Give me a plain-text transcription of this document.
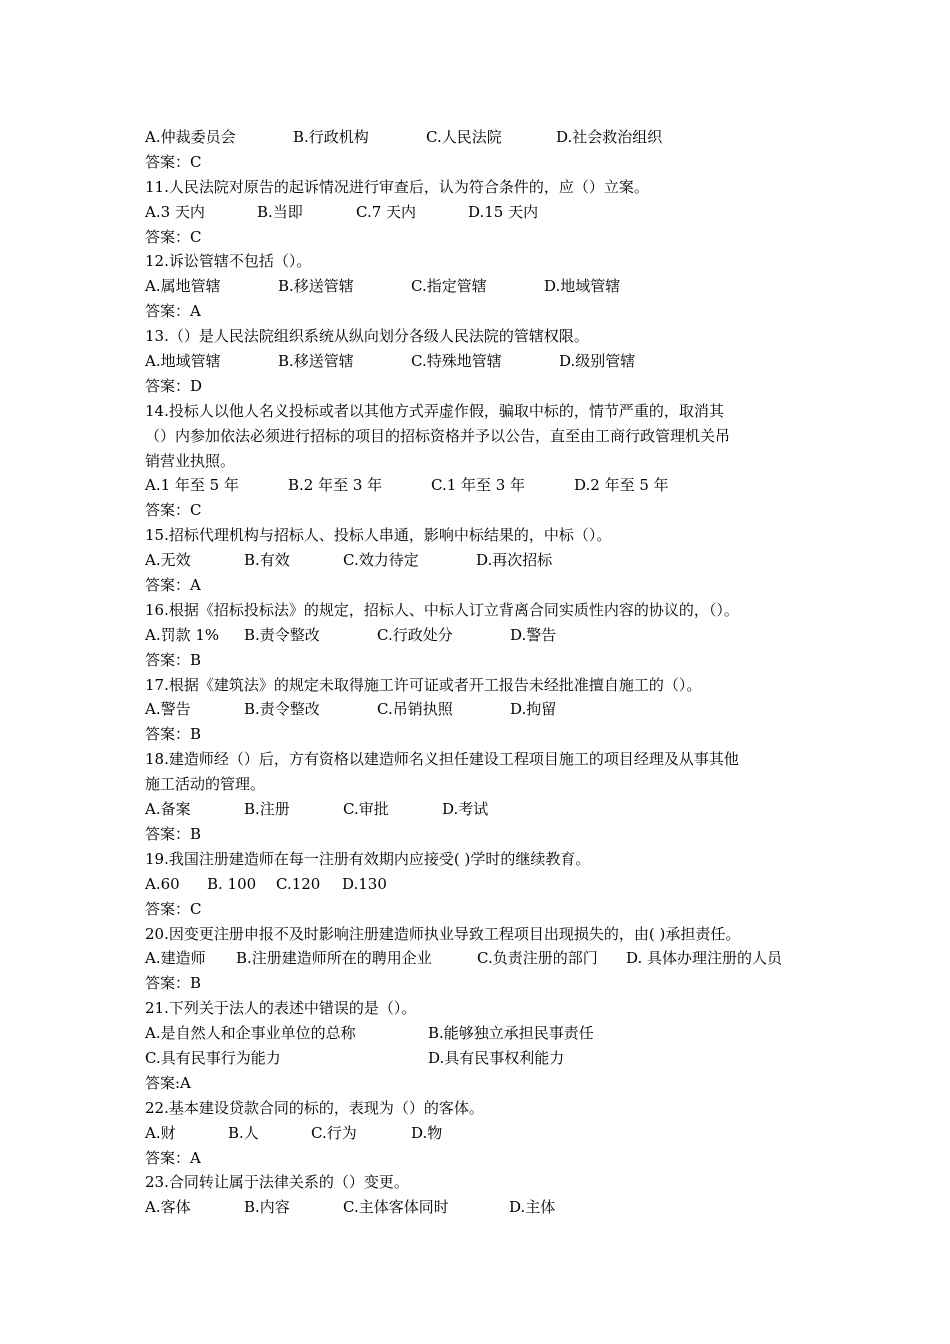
A.仲裁委员会	B.行政机构	C.人民法院	D.社会救治组织
答案：C
11.人民法院对原告的起诉情况进行审查后，认为符合条件的，应（）立案。
A.3 天内	B.当即	C.7 天内	D.15 天内
答案：C
12.诉讼管辖不包括（）。
A.属地管辖	B.移送管辖	C.指定管辖	D.地域管辖
答案：A
13.（）是人民法院组织系统从纵向划分各级人民法院的管辖权限。
A.地域管辖	B.移送管辖	C.特殊地管辖	D.级别管辖
答案：D
14.投标人以他人名义投标或者以其他方式弄虚作假，骗取中标的，情节严重的，取消其
（）内参加依法必须进行招标的项目的招标资格并予以公告，直至由工商行政管理机关吊
销营业执照。
A.1 年至 5 年	B.2 年至 3 年	C.1 年至 3 年	D.2 年至 5 年
答案：C
15.招标代理机构与招标人、投标人串通，影响中标结果的，中标（）。
A.无效	B.有效	C.效力待定	D.再次招标
答案：A
16.根据《招标投标法》的规定，招标人、中标人订立背离合同实质性内容的协议的，（）。
A.罚款 1%	B.责令整改	C.行政处分	D.警告
答案：B
17.根据《建筑法》的规定未取得施工许可证或者开工报告未经批准擅自施工的（）。
A.警告	B.责令整改	C.吊销执照	D.拘留
答案：B
18.建造师经（）后，方有资格以建造师名义担任建设工程项目施工的项目经理及从事其他
施工活动的管理。
A.备案	B.注册	C.审批	D.考试
答案：B
19.我国注册建造师在每一注册有效期内应接受( )学时的继续教育。
A.60	B. 100	C.120	D.130
答案：C
20.因变更注册申报不及时影响注册建造师执业导致工程项目出现损失的，由( )承担责任。
A.建造师	B.注册建造师所在的聘用企业	C.负责注册的部门	D. 具体办理注册的人员
答案：B
21.下列关于法人的表述中错误的是（）。
A.是自然人和企事业单位的总称	B.能够独立承担民事责任
C.具有民事行为能力	D.具有民事权利能力
答案:A
22.基本建设贷款合同的标的，表现为（）的客体。
A.财	B.人	C.行为	D.物
答案：A
23.合同转让属于法律关系的（）变更。
A.客体	B.内容	C.主体客体同时	D.主体
